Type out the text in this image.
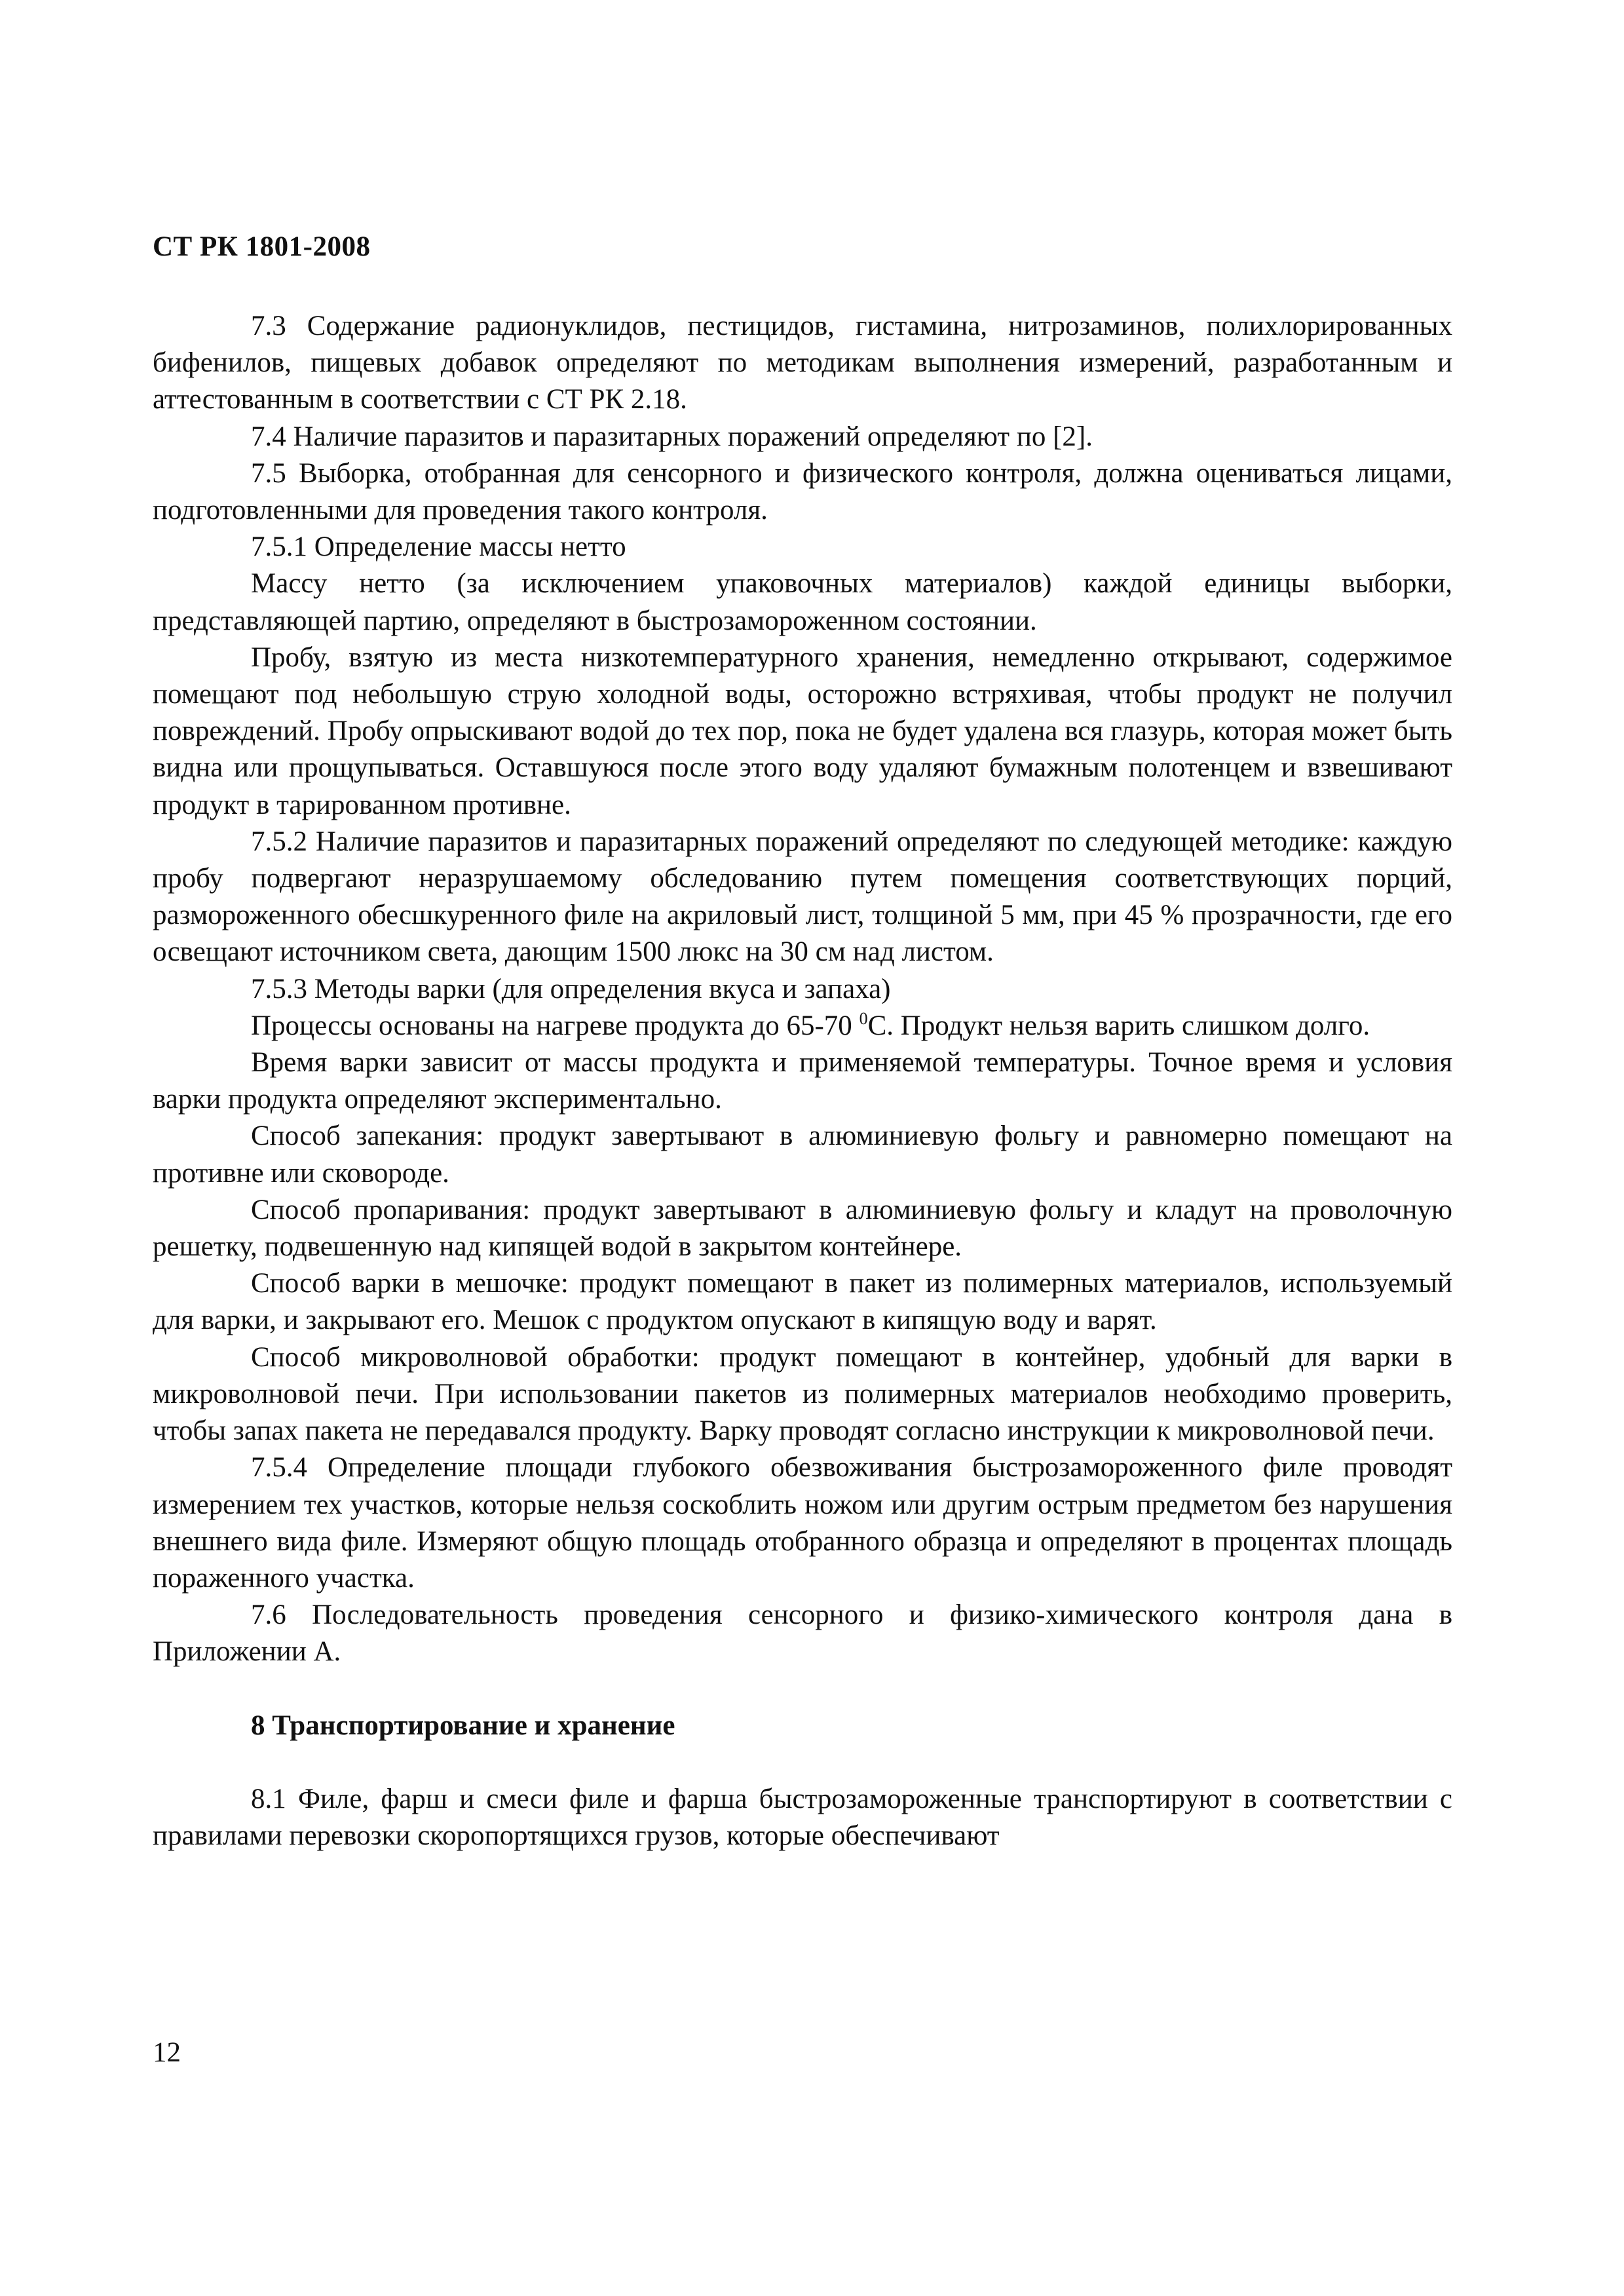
СТ РК 1801-2008

7.3 Содержание радионуклидов, пестицидов, гистамина, нитрозаминов, полихлорированных бифенилов, пищевых добавок определяют по методикам выполнения измерений, разработанным и аттестованным в соответствии с СТ РК 2.18.

7.4 Наличие паразитов и паразитарных поражений определяют по [2].

7.5 Выборка, отобранная для сенсорного и физического контроля, должна оцениваться лицами, подготовленными для проведения такого контроля.

7.5.1 Определение массы нетто

Массу нетто (за исключением упаковочных материалов) каждой единицы выборки, представляющей партию, определяют в быстрозамороженном состоянии.

Пробу, взятую из места низкотемпературного хранения, немедленно открывают, содержимое помещают под небольшую струю холодной воды, осторожно встряхивая, чтобы продукт не получил повреждений. Пробу опрыскивают водой до тех пор, пока не будет удалена вся глазурь, которая может быть видна или прощупываться. Оставшуюся после этого воду удаляют бумажным полотенцем и взвешивают продукт в тарированном противне.

7.5.2 Наличие паразитов и паразитарных поражений определяют по следующей методике: каждую пробу подвергают неразрушаемому обследованию путем помещения соответствующих порций, размороженного обесшкуренного филе на акриловый лист, толщиной 5 мм, при 45 % прозрачности, где его освещают источником света, дающим 1500 люкс на 30 см над листом.

7.5.3 Методы варки (для определения вкуса и запаха)

Процессы основаны на нагреве продукта до 65-70 $^0$С. Продукт нельзя варить слишком долго.

Время варки зависит от массы продукта и применяемой температуры. Точное время и условия варки продукта определяют экспериментально.

Способ запекания: продукт завертывают в алюминиевую фольгу и равномерно помещают на противне или сковороде.

Способ пропаривания: продукт завертывают в алюминиевую фольгу и кладут на проволочную решетку, подвешенную над кипящей водой в закрытом контейнере.

Способ варки в мешочке: продукт помещают в пакет из полимерных материалов, используемый для варки, и закрывают его. Мешок с продуктом опускают в кипящую воду и варят.

Способ микроволновой обработки: продукт помещают в контейнер, удобный для варки в микроволновой печи. При использовании пакетов из полимерных материалов необходимо проверить, чтобы запах пакета не передавался продукту. Варку проводят согласно инструкции к микроволновой печи.

7.5.4 Определение площади глубокого обезвоживания быстрозамороженного филе проводят измерением тех участков, которые нельзя соскоблить ножом или другим острым предметом без нарушения внешнего вида филе. Измеряют общую площадь отобранного образца и определяют в процентах площадь пораженного участка.

7.6 Последовательность проведения сенсорного и физико-химического контроля дана в Приложении А.

8 Транспортирование и хранение

8.1 Филе, фарш и смеси филе и фарша быстрозамороженные транспортируют в соответствии с правилами перевозки скоропортящихся грузов, которые обеспечивают

12
